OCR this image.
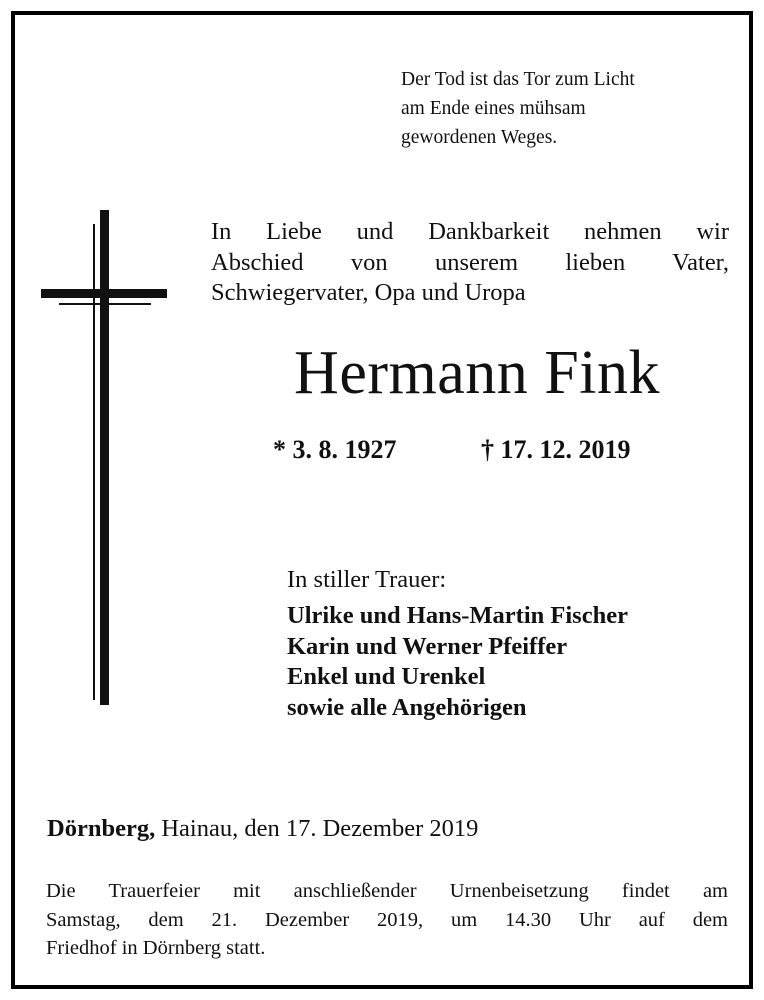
Der Tod ist das Tor zum Licht
am Ende eines mühsam
gewordenen Weges.
In Liebe und Dankbarkeit nehmen wir
Abschied von unserem lieben Vater,
Schwiegervater, Opa und Uropa
Hermann Fink
* 3. 8. 1927	† 17. 12. 2019
In stiller Trauer:
Ulrike und Hans-Martin Fischer
Karin und Werner Pfeiffer
Enkel und Urenkel
sowie alle Angehörigen
Dörnberg, Hainau, den 17. Dezember 2019
Die Trauerfeier mit anschließender Urnenbeisetzung findet am
Samstag, dem 21. Dezember 2019, um 14.30 Uhr auf dem
Friedhof in Dörnberg statt.
